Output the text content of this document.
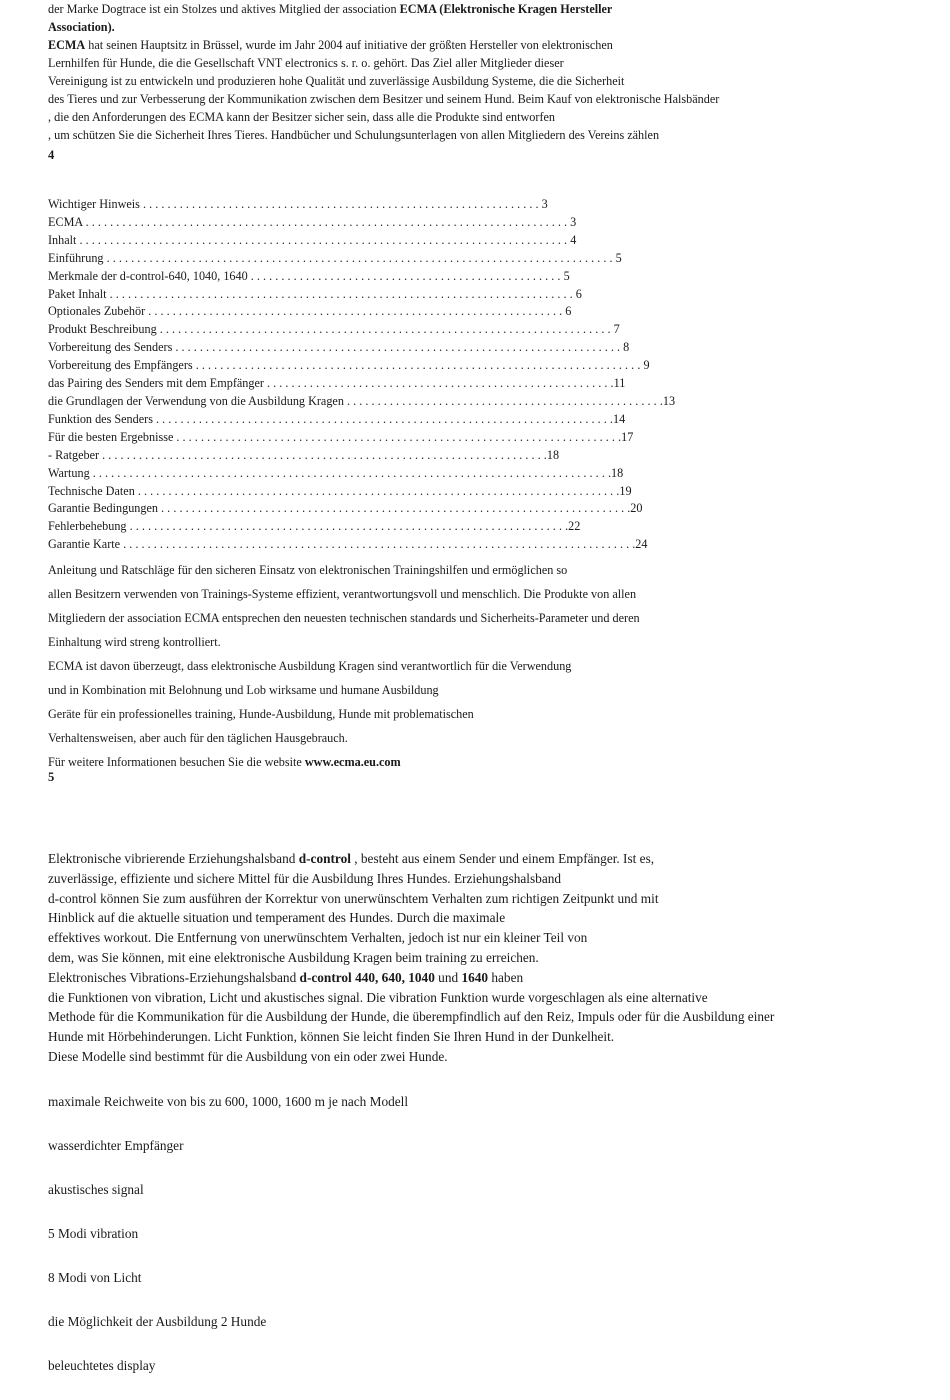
der Marke Dogtrace ist ein Stolzes und aktives Mitglied der association ECMA (Elektronische Kragen Hersteller
Association).
ECMA hat seinen Hauptsitz in Brüssel, wurde im Jahr 2004 auf initiative der größten Hersteller von elektronischen
Lernhilfen für Hunde, die die Gesellschaft VNT electronics s. r. o. gehört. Das Ziel aller Mitglieder dieser
Vereinigung ist zu entwickeln und produzieren hohe Qualität und zuverlässige Ausbildung Systeme, die die Sicherheit
des Tieres und zur Verbesserung der Kommunikation zwischen dem Besitzer und seinem Hund. Beim Kauf von elektronische Halsbänder
, die den Anforderungen des ECMA kann der Besitzer sicher sein, dass alle die Produkte sind entworfen
, um schützen Sie die Sicherheit Ihres Tieres. Handbücher und Schulungsunterlagen von allen Mitgliedern des Vereins zählen
4
Wichtiger Hinweis . . . . . . . . . . . . . . . . . . . . . . . . . . . . . . . . . . . . . . . . . . . . . . . . . . . . . . . . . . . . . . . . . 3
ECMA . . . . . . . . . . . . . . . . . . . . . . . . . . . . . . . . . . . . . . . . . . . . . . . . . . . . . . . . . . . . . . . . . . . . . . . . . . . . . . . 3
Inhalt . . . . . . . . . . . . . . . . . . . . . . . . . . . . . . . . . . . . . . . . . . . . . . . . . . . . . . . . . . . . . . . . . . . . . . . . . . . . . . . . 4
Einführung . . . . . . . . . . . . . . . . . . . . . . . . . . . . . . . . . . . . . . . . . . . . . . . . . . . . . . . . . . . . . . . . . . . . . . . . . . . . . . . . . . . 5
Merkmale der d-control-640, 1040, 1640 . . . . . . . . . . . . . . . . . . . . . . . . . . . . . . . . . . . . . . . . . . . . . . . . . . . 5
Paket Inhalt . . . . . . . . . . . . . . . . . . . . . . . . . . . . . . . . . . . . . . . . . . . . . . . . . . . . . . . . . . . . . . . . . . . . . . . . . . . . 6
Optionales Zubehör . . . . . . . . . . . . . . . . . . . . . . . . . . . . . . . . . . . . . . . . . . . . . . . . . . . . . . . . . . . . . . . . . . . . 6
Produkt Beschreibung . . . . . . . . . . . . . . . . . . . . . . . . . . . . . . . . . . . . . . . . . . . . . . . . . . . . . . . . . . . . . . . . . . . . . . . . . . 7
Vorbereitung des Senders . . . . . . . . . . . . . . . . . . . . . . . . . . . . . . . . . . . . . . . . . . . . . . . . . . . . . . . . . . . . . . . . . . . . . . . . . 8
Vorbereitung des Empfängers . . . . . . . . . . . . . . . . . . . . . . . . . . . . . . . . . . . . . . . . . . . . . . . . . . . . . . . . . . . . . . . . . . . . . . . . . 9
das Pairing des Senders mit dem Empfänger . . . . . . . . . . . . . . . . . . . . . . . . . . . . . . . . . . . . . . . . . . . . . . . . . . . . . . . . . 11
die Grundlagen der Verwendung von die Ausbildung Kragen . . . . . . . . . . . . . . . . . . . . . . . . . . . . . . . . . . . . . . . . . . . . . . . . . . . . 13
Funktion des Senders . . . . . . . . . . . . . . . . . . . . . . . . . . . . . . . . . . . . . . . . . . . . . . . . . . . . . . . . . . . . . . . . . . . . . . . . . . . 14
Für die besten Ergebnisse . . . . . . . . . . . . . . . . . . . . . . . . . . . . . . . . . . . . . . . . . . . . . . . . . . . . . . . . . . . . . . . . . . . . . . . . . 17
- Ratgeber . . . . . . . . . . . . . . . . . . . . . . . . . . . . . . . . . . . . . . . . . . . . . . . . . . . . . . . . . . . . . . . . . . . . . . . . . 18
Wartung . . . . . . . . . . . . . . . . . . . . . . . . . . . . . . . . . . . . . . . . . . . . . . . . . . . . . . . . . . . . . . . . . . . . . . . . . . . . . . . . . . . . . 18
Technische Daten . . . . . . . . . . . . . . . . . . . . . . . . . . . . . . . . . . . . . . . . . . . . . . . . . . . . . . . . . . . . . . . . . . . . . . . . . . . . . . . 19
Garantie Bedingungen . . . . . . . . . . . . . . . . . . . . . . . . . . . . . . . . . . . . . . . . . . . . . . . . . . . . . . . . . . . . . . . . . . . . . . . . . . . . . 20
Fehlerbehebung . . . . . . . . . . . . . . . . . . . . . . . . . . . . . . . . . . . . . . . . . . . . . . . . . . . . . . . . . . . . . . . . . . . . . . . . 22
Garantie Karte . . . . . . . . . . . . . . . . . . . . . . . . . . . . . . . . . . . . . . . . . . . . . . . . . . . . . . . . . . . . . . . . . . . . . . . . . . . . . . . . . . . . 24
Anleitung und Ratschläge für den sicheren Einsatz von elektronischen Trainingshilfen und ermöglichen so
allen Besitzern verwenden von Trainings-Systeme effizient, verantwortungsvoll und menschlich. Die Produkte von allen
Mitgliedern der association ECMA entsprechen den neuesten technischen standards und Sicherheits-Parameter und deren
Einhaltung wird streng kontrolliert.
ECMA ist davon überzeugt, dass elektronische Ausbildung Kragen sind verantwortlich für die Verwendung
und in Kombination mit Belohnung und Lob wirksame und humane Ausbildung
Geräte für ein professionelles training, Hunde-Ausbildung, Hunde mit problematischen
Verhaltensweisen, aber auch für den täglichen Hausgebrauch.
Für weitere Informationen besuchen Sie die website www.ecma.eu.com
5
Elektronische vibrierende Erziehungshalsband d-control , besteht aus einem Sender und einem Empfänger. Ist es,
zuverlässige, effiziente und sichere Mittel für die Ausbildung Ihres Hundes. Erziehungshalsband
d-control können Sie zum ausführen der Korrektur von unerwünschtem Verhalten zum richtigen Zeitpunkt und mit
Hinblick auf die aktuelle situation und temperament des Hundes. Durch die maximale
effektives workout. Die Entfernung von unerwünschtem Verhalten, jedoch ist nur ein kleiner Teil von
dem, was Sie können, mit eine elektronische Ausbildung Kragen beim training zu erreichen.
Elektronisches Vibrations-Erziehungshalsband d-control 440, 640, 1040 und 1640 haben
die Funktionen von vibration, Licht und akustisches signal. Die vibration Funktion wurde vorgeschlagen als eine alternative
Methode für die Kommunikation für die Ausbildung der Hunde, die überempfindlich auf den Reiz, Impuls oder für die Ausbildung einer
Hunde mit Hörbehinderungen. Licht Funktion, können Sie leicht finden Sie Ihren Hund in der Dunkelheit.
Diese Modelle sind bestimmt für die Ausbildung von ein oder zwei Hunde.
maximale Reichweite von bis zu 600, 1000, 1600 m je nach Modell
wasserdichter Empfänger
akustisches signal
5 Modi vibration
8 Modi von Licht
die Möglichkeit der Ausbildung 2 Hunde
beleuchtetes display
